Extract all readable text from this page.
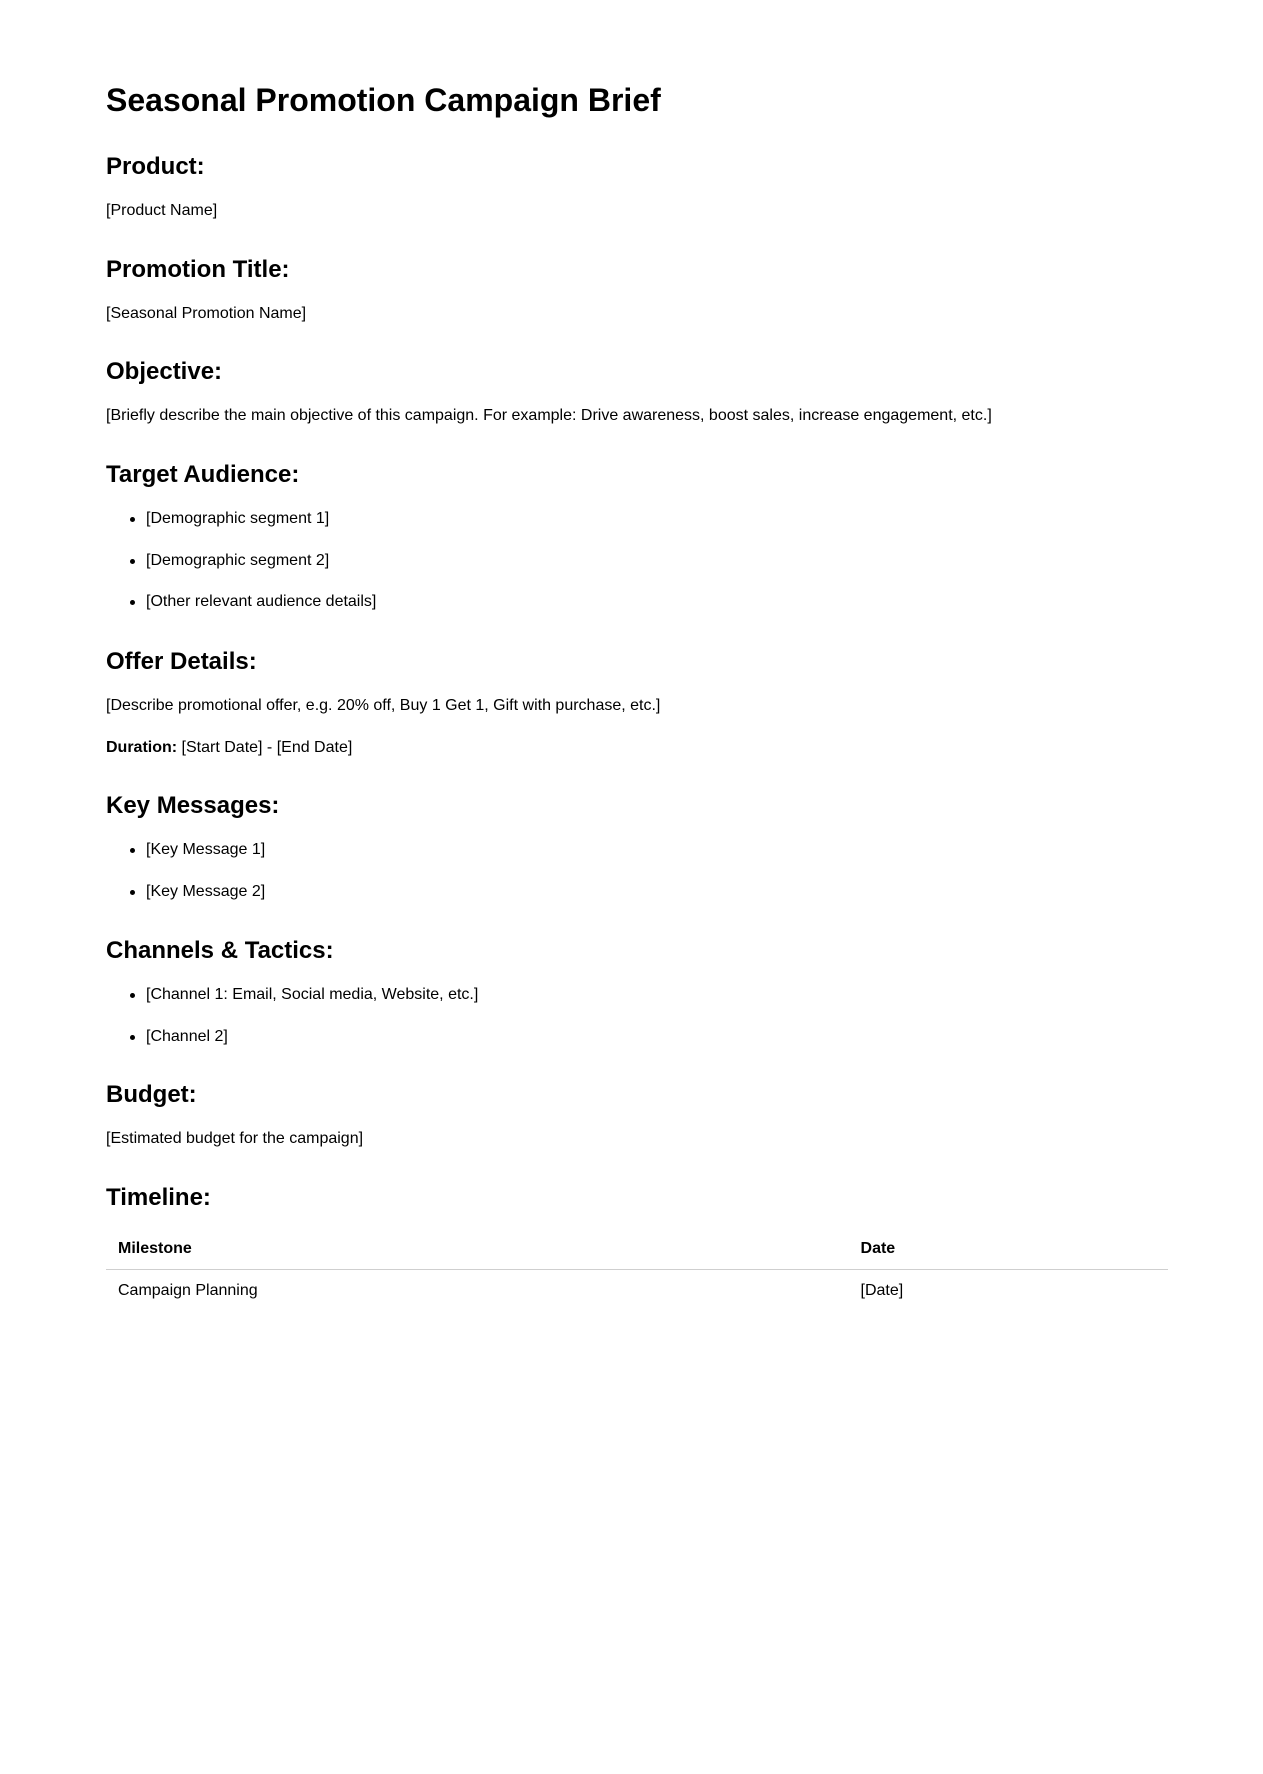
Seasonal Promotion Campaign Brief
Product:

[Product Name]

Promotion Title:

[Seasonal Promotion Name]

Objective:

[Briefly describe the main objective of this campaign. For example: Drive awareness, boost sales, increase engagement, etc.]

Target Audience:
[Demographic segment 1]
[Demographic segment 2]
[Other relevant audience details]
Offer Details:

[Describe promotional offer, e.g. 20% off, Buy 1 Get 1, Gift with purchase, etc.]

Duration: [Start Date] - [End Date]

Key Messages:
[Key Message 1]
[Key Message 2]
Channels & Tactics:
[Channel 1: Email, Social media, Website, etc.]
[Channel 2]
Budget:

[Estimated budget for the campaign]

Timeline:
Milestone	Date
Campaign Planning	[Date]
